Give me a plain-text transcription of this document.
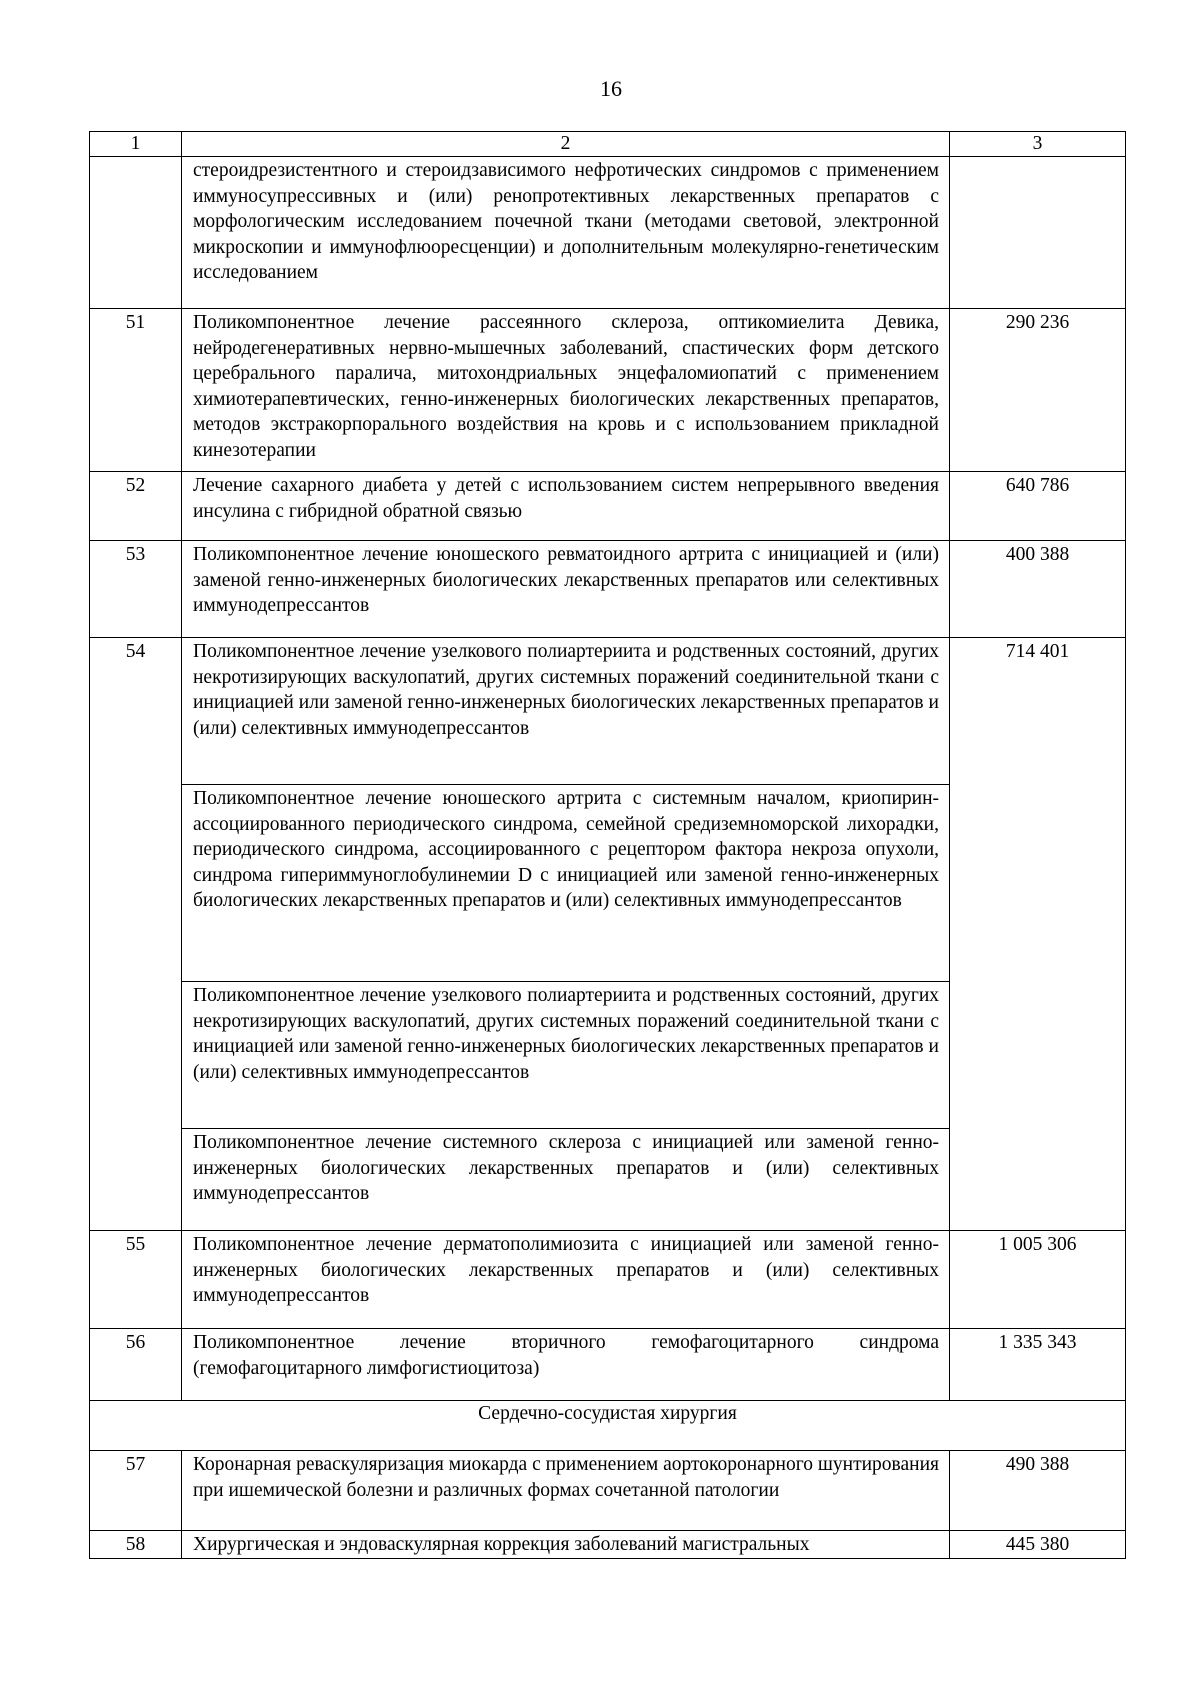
16
1	2	3

	стероидрезистентного и стероидзависимого нефротических синдромов с применением иммуносупрессивных и (или) ренопротективных лекарственных препаратов с морфологическим исследованием почечной ткани (методами световой, электронной микроскопии и иммунофлюоресценции) и дополнительным молекулярно-генетическим исследованием	

51	Поликомпонентное лечение рассеянного склероза, оптикомиелита Девика, нейродегенеративных нервно-мышечных заболеваний, спастических форм детского церебрального паралича, митохондриальных энцефаломиопатий с применением химиотерапевтических, генно-инженерных биологических лекарственных препаратов, методов экстракорпорального воздействия на кровь и с использованием прикладной кинезотерапии	290 236

52	Лечение сахарного диабета у детей с использованием систем непрерывного введения инсулина с гибридной обратной связью	640 786

53	Поликомпонентное лечение юношеского ревматоидного артрита с инициацией и (или) заменой генно-инженерных биологических лекарственных препаратов или селективных иммунодепрессантов	400 388

54	Поликомпонентное лечение узелкового полиартериита и родственных состояний, других некротизирующих васкулопатий, других системных поражений соединительной ткани с инициацией или заменой генно-инженерных биологических лекарственных препаратов и (или) селективных иммунодепрессантов	714 401

	Поликомпонентное лечение юношеского артрита с системным началом, криопирин-ассоциированного периодического синдрома, семейной средиземноморской лихорадки, периодического синдрома, ассоциированного с рецептором фактора некроза опухоли, синдрома гипериммуноглобулинемии D с инициацией или заменой генно-инженерных биологических лекарственных препаратов и (или) селективных иммунодепрессантов	

	Поликомпонентное лечение узелкового полиартериита и родственных состояний, других некротизирующих васкулопатий, других системных поражений соединительной ткани с инициацией или заменой генно-инженерных биологических лекарственных препаратов и (или) селективных иммунодепрессантов	

	Поликомпонентное лечение системного склероза с инициацией или заменой генно-инженерных биологических лекарственных препаратов и (или) селективных иммунодепрессантов	

55	Поликомпонентное лечение дерматополимиозита с инициацией или заменой генно-инженерных биологических лекарственных препаратов и (или) селективных иммунодепрессантов	1 005 306

56	Поликомпонентное лечение вторичного гемофагоцитарного синдрома (гемофагоцитарного лимфогистиоцитоза)	1 335 343

Сердечно-сосудистая хирургия		

57	Коронарная реваскуляризация миокарда с применением аортокоронарного шунтирования при ишемической болезни и различных формах сочетанной патологии	490 388

58	Хирургическая и эндоваскулярная коррекция заболеваний магистральных	445 380
